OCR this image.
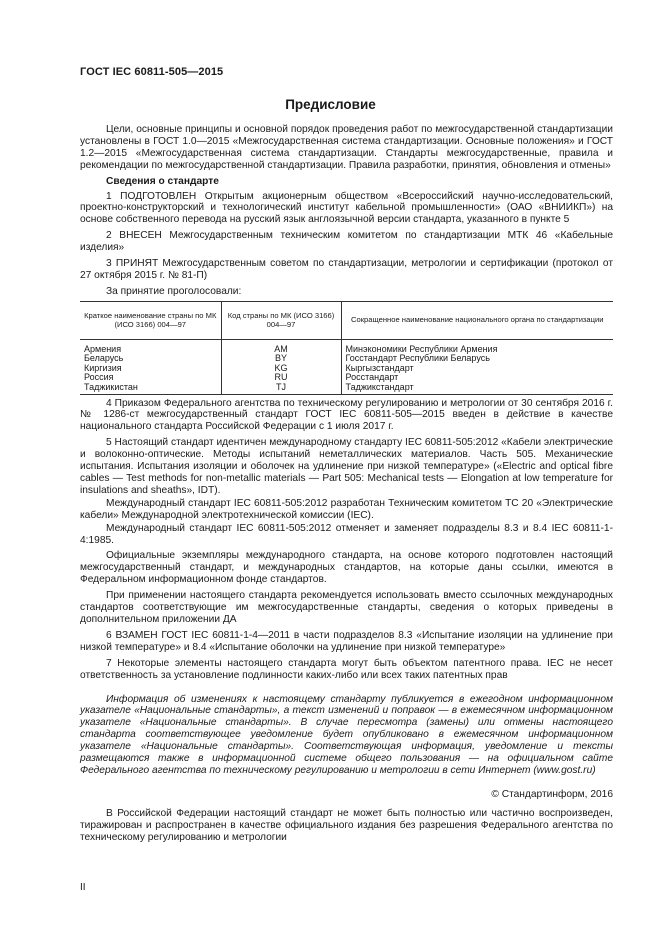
ГОСТ IEC 60811-505—2015
Предисловие

Цели, основные принципы и основной порядок проведения работ по межгосударственной стандартизации установлены в ГОСТ 1.0—2015 «Межгосударственная система стандартизации. Основные положения» и ГОСТ 1.2—2015 «Межгосударственная система стандартизации. Стандарты межгосударственные, правила и рекомендации по межгосударственной стандартизации. Правила разработки, принятия, обновления и отмены»

Сведения о стандарте

1 ПОДГОТОВЛЕН Открытым акционерным обществом «Всероссийский научно-исследовательский, проектно-конструкторский и технологический институт кабельной промышленности» (ОАО «ВНИИКП») на основе собственного перевода на русский язык англоязычной версии стандарта, указанного в пункте 5

2 ВНЕСЕН Межгосударственным техническим комитетом по стандартизации МТК 46 «Кабельные изделия»

3 ПРИНЯТ Межгосударственным советом по стандартизации, метрологии и сертификации (протокол от 27 октября 2015 г. № 81-П)

За принятие проголосовали:

Краткое наименование страны по МК (ИСО 3166) 004—97	Код страны по МК (ИСО 3166) 004—97	Сокращенное наименование национального органа по стандартизации
Армения	AM	Минэкономики Республики Армения
Беларусь	BY	Госстандарт Республики Беларусь
Киргизия	KG	Кыргызстандарт
Россия	RU	Росстандарт
Таджикистан	TJ	Таджикстандарт

4 Приказом Федерального агентства по техническому регулированию и метрологии от 30 сентября 2016 г. № 1286-ст межгосударственный стандарт ГОСТ IEC 60811-505—2015 введен в действие в качестве национального стандарта Российской Федерации с 1 июля 2017 г.

5 Настоящий стандарт идентичен международному стандарту IEC 60811-505:2012 «Кабели электрические и волоконно-оптические. Методы испытаний неметаллических материалов. Часть 505. Механические испытания. Испытания изоляции и оболочек на удлинение при низкой температуре» («Electric and optical fibre cables — Test methods for non-metallic materials — Part 505: Mechanical tests — Elongation at low temperature for insulations and sheaths», IDT).

Международный стандарт IEC 60811-505:2012 разработан Техническим комитетом ТС 20 «Электрические кабели» Международной электротехнической комиссии (IEC).

Международный стандарт IEC 60811-505:2012 отменяет и заменяет подразделы 8.3 и 8.4 IEC 60811-1-4:1985.

Официальные экземпляры международного стандарта, на основе которого подготовлен настоящий межгосударственный стандарт, и международных стандартов, на которые даны ссылки, имеются в Федеральном информационном фонде стандартов.

При применении настоящего стандарта рекомендуется использовать вместо ссылочных международных стандартов соответствующие им межгосударственные стандарты, сведения о которых приведены в дополнительном приложении ДА

6 ВЗАМЕН ГОСТ IEC 60811-1-4—2011 в части подразделов 8.3 «Испытание изоляции на удлинение при низкой температуре» и 8.4 «Испытание оболочки на удлинение при низкой температуре»

7 Некоторые элементы настоящего стандарта могут быть объектом патентного права. IEC не несет ответственность за установление подлинности каких-либо или всех таких патентных прав

Информация об изменениях к настоящему стандарту публикуется в ежегодном информационном указателе «Национальные стандарты», а текст изменений и поправок — в ежемесячном информационном указателе «Национальные стандарты». В случае пересмотра (замены) или отмены настоящего стандарта соответствующее уведомление будет опубликовано в ежемесячном информационном указателе «Национальные стандарты». Соответствующая информация, уведомление и тексты размещаются также в информационной системе общего пользования — на официальном сайте Федерального агентства по техническому регулированию и метрологии в сети Интернет (www.gost.ru)

© Стандартинформ, 2016

В Российской Федерации настоящий стандарт не может быть полностью или частично воспроизведен, тиражирован и распространен в качестве официального издания без разрешения Федерального агентства по техническому регулированию и метрологии

II
